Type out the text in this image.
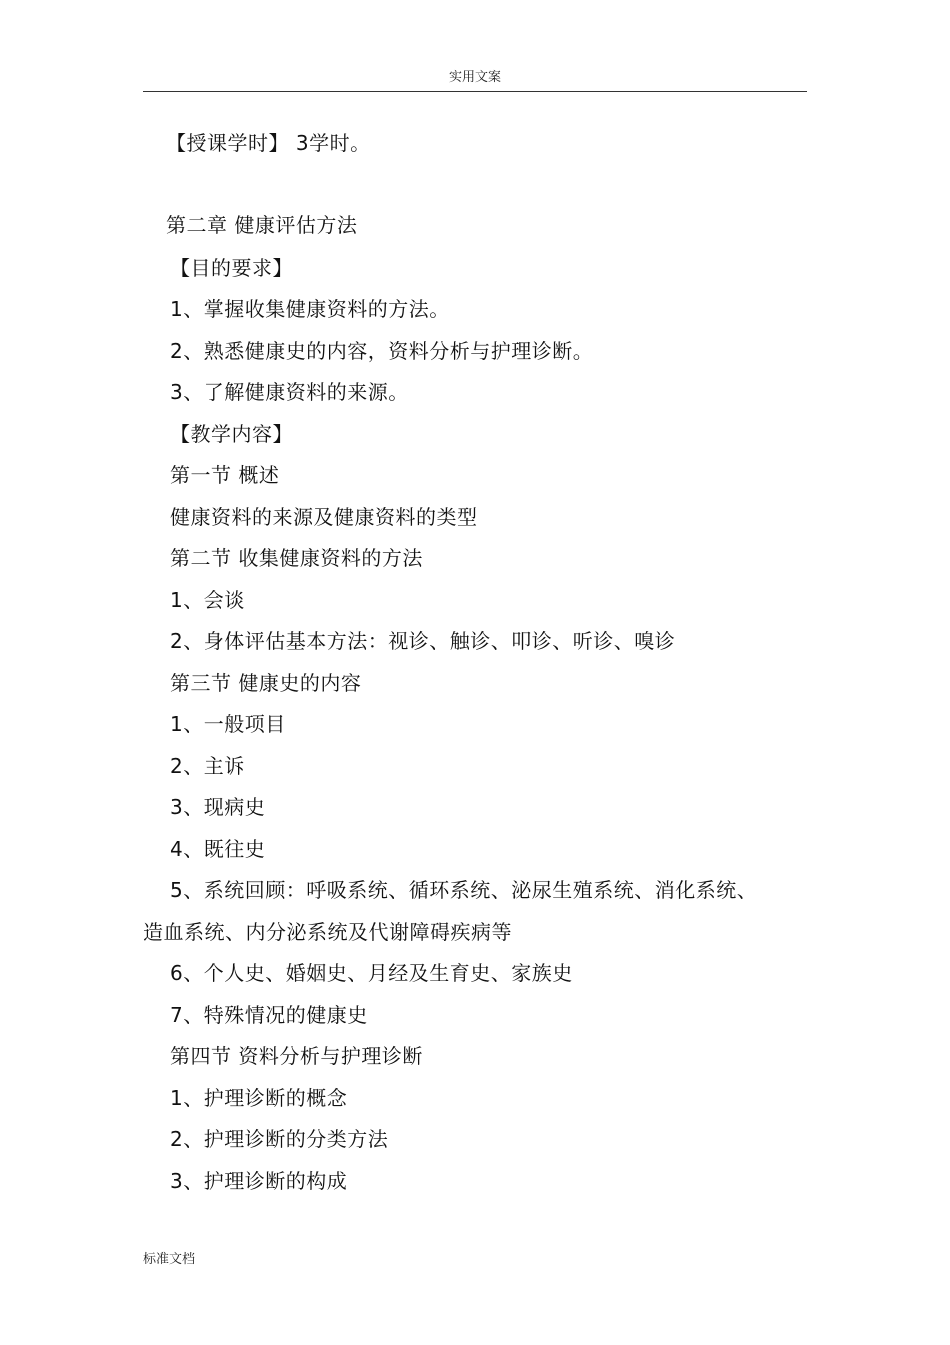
实用文案
【授课学时】 3学时。
第二章 健康评估方法
【目的要求】
1、掌握收集健康资料的方法。
2、熟悉健康史的内容，资料分析与护理诊断。
3、了解健康资料的来源。
【教学内容】
第一节 概述
健康资料的来源及健康资料的类型
第二节 收集健康资料的方法
1、会谈
2、身体评估基本方法：视诊、触诊、叩诊、听诊、嗅诊
第三节 健康史的内容
1、一般项目
2、主诉
3、现病史
4、既往史
5、系统回顾：呼吸系统、循环系统、泌尿生殖系统、消化系统、
造血系统、内分泌系统及代谢障碍疾病等
6、个人史、婚姻史、月经及生育史、家族史
7、特殊情况的健康史
第四节 资料分析与护理诊断
1、护理诊断的概念
2、护理诊断的分类方法
3、护理诊断的构成
标准文档
